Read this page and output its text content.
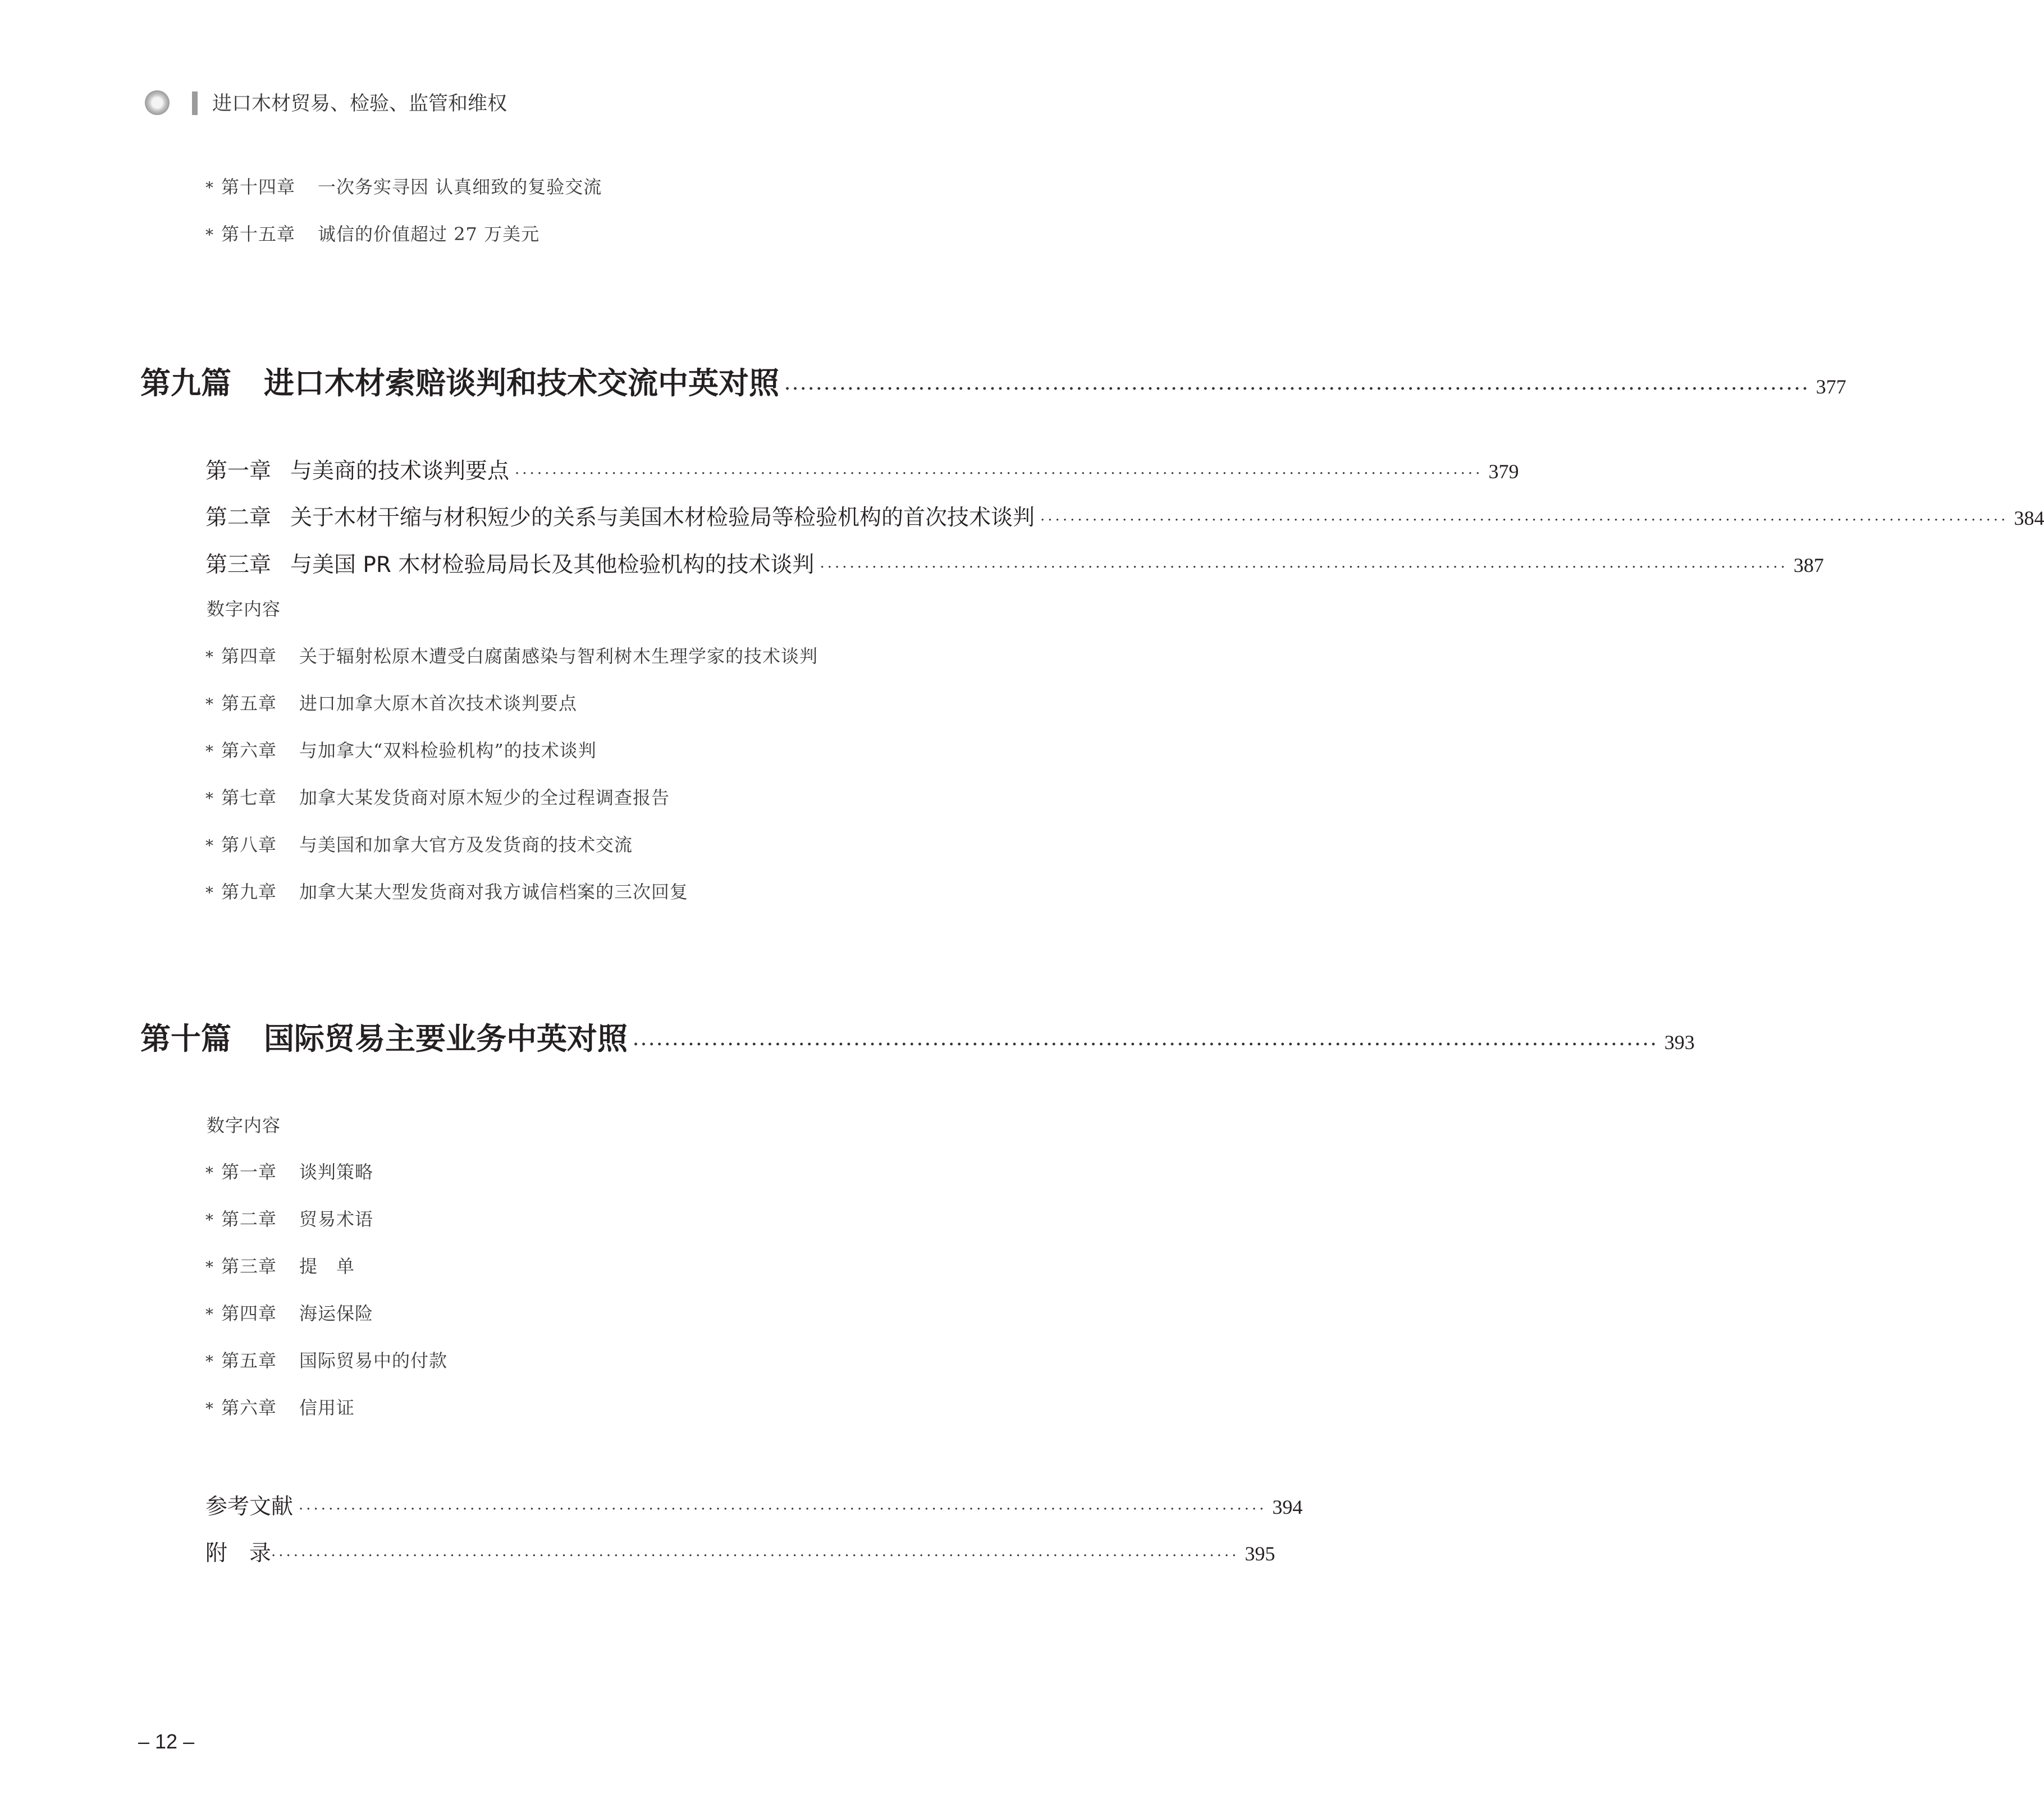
进口木材贸易、检验、监管和维权
* 第十四章 一次务实寻因 认真细致的复验交流
* 第十五章 诚信的价值超过 27 万美元
第九篇 进口木材索赔谈判和技术交流中英对照 ·································································································································· 377
第一章 与美商的技术谈判要点 ·································································································································· 379
第二章 关于木材干缩与材积短少的关系与美国木材检验局等检验机构的首次技术谈判 ·································································································································· 384
第三章 与美国 PR 木材检验局局长及其他检验机构的技术谈判 ·································································································································· 387
数字内容
* 第四章 关于辐射松原木遭受白腐菌感染与智利树木生理学家的技术谈判
* 第五章 进口加拿大原木首次技术谈判要点
* 第六章 与加拿大“双料检验机构”的技术谈判
* 第七章 加拿大某发货商对原木短少的全过程调查报告
* 第八章 与美国和加拿大官方及发货商的技术交流
* 第九章 加拿大某大型发货商对我方诚信档案的三次回复
第十篇 国际贸易主要业务中英对照 ·································································································································· 393
数字内容
* 第一章 谈判策略
* 第二章 贸易术语
* 第三章 提　单
* 第四章 海运保险
* 第五章 国际贸易中的付款
* 第六章 信用证
参考文献 ·································································································································· 394
附　录 ·································································································································· 395
– 12 –
